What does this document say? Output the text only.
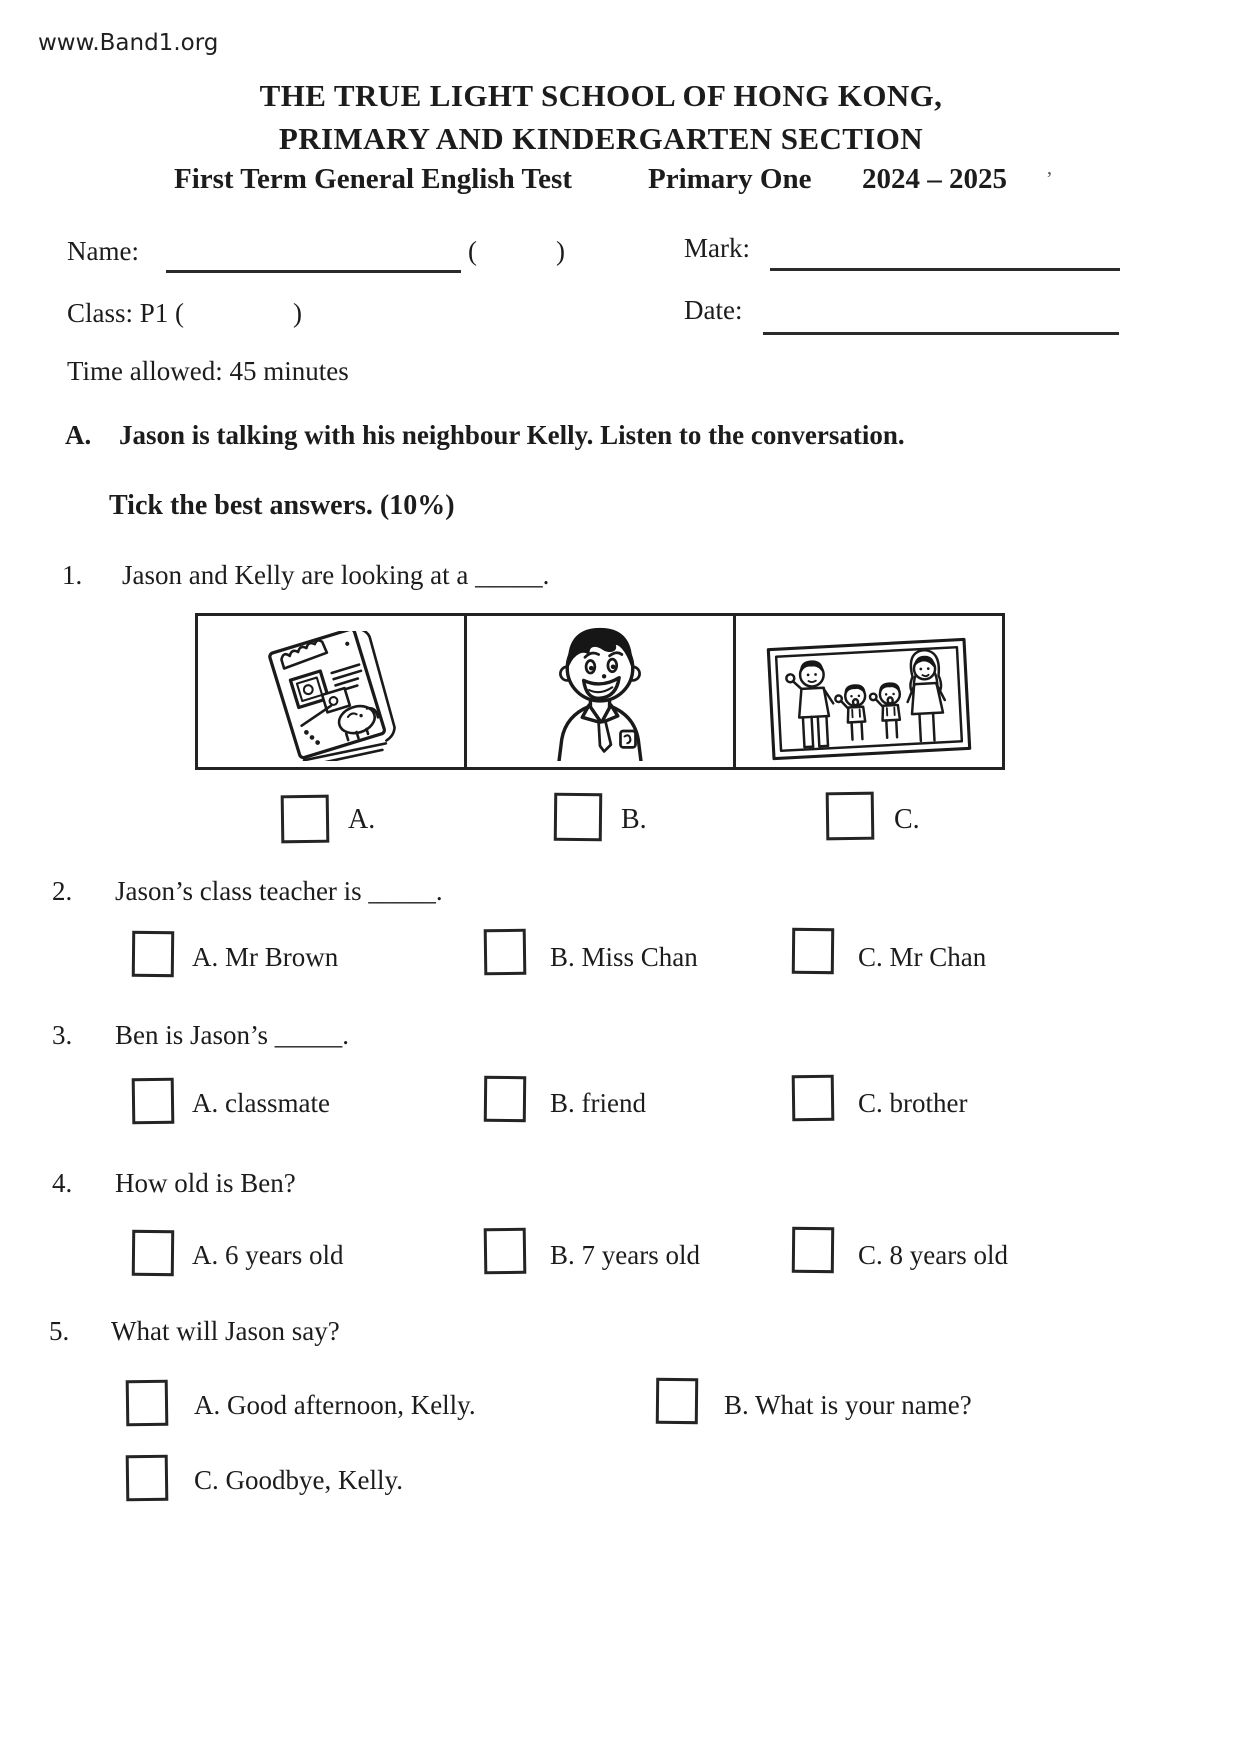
www.Band1.org
’
THE TRUE LIGHT SCHOOL OF HONG KONG,
PRIMARY AND KINDERGARTEN SECTION
First Term General English Test	Primary One 2024 – 2025
Name:	(	)	Mark:
Class: P1 (	)	Date:
Time allowed: 45 minutes
A. Jason is talking with his neighbour Kelly. Listen to the conversation.
Tick the best answers. (10%)
1. Jason and Kelly are looking at a _____.
A.	B.	C.
2. Jason’s class teacher is _____.
A. Mr Brown	B. Miss Chan	C. Mr Chan
3. Ben is Jason’s _____.
A. classmate	B. friend	C. brother
4. How old is Ben?
A. 6 years old	B. 7 years old	C. 8 years old
5. What will Jason say?
A. Good afternoon, Kelly.	B. What is your name?
C. Goodbye, Kelly.
